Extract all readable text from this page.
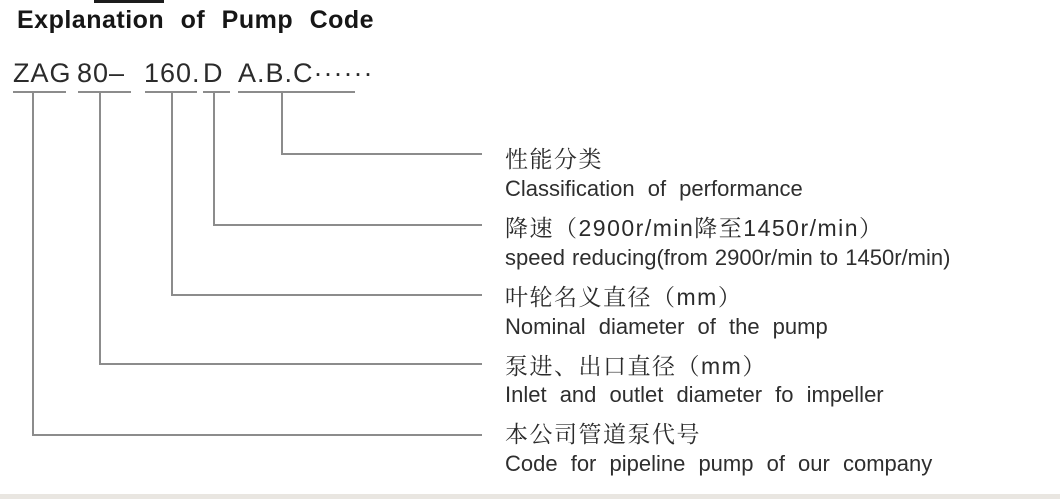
Explanation of Pump Code
ZAG 80– 160. D A.B.C······
性能分类
Classification of performance
降速（2900r/min降至1450r/min）
speed reducing(from 2900r/min to 1450r/min)
叶轮名义直径（mm）
Nominal diameter of the pump
泵进、出口直径（mm）
Inlet and outlet diameter fo impeller
本公司管道泵代号
Code for pipeline pump of our company
